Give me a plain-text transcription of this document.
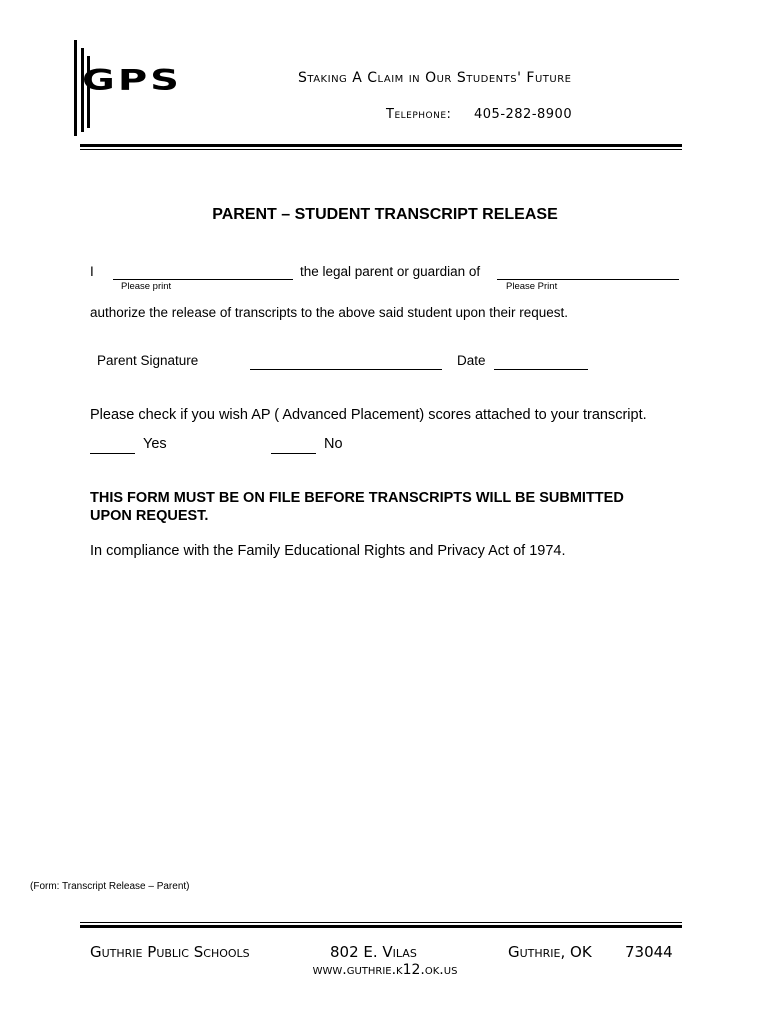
GPS	Staking A Claim in Our Students' Future
Telephone: 405-282-8900
PARENT – STUDENT TRANSCRIPT RELEASE
I
Please print
the legal parent or guardian of
Please Print
authorize the release of transcripts to the above said student upon their request.
Parent Signature	Date
Please check if you wish AP ( Advanced Placement) scores attached to your transcript.
Yes	No
THIS FORM MUST BE ON FILE BEFORE TRANSCRIPTS WILL BE SUBMITTED
UPON REQUEST.
In compliance with the Family Educational Rights and Privacy Act of 1974.
(Form: Transcript Release – Parent)
Guthrie Public Schools	802 E. Vilas	Guthrie, OK 73044
www.guthrie.k12.ok.us
